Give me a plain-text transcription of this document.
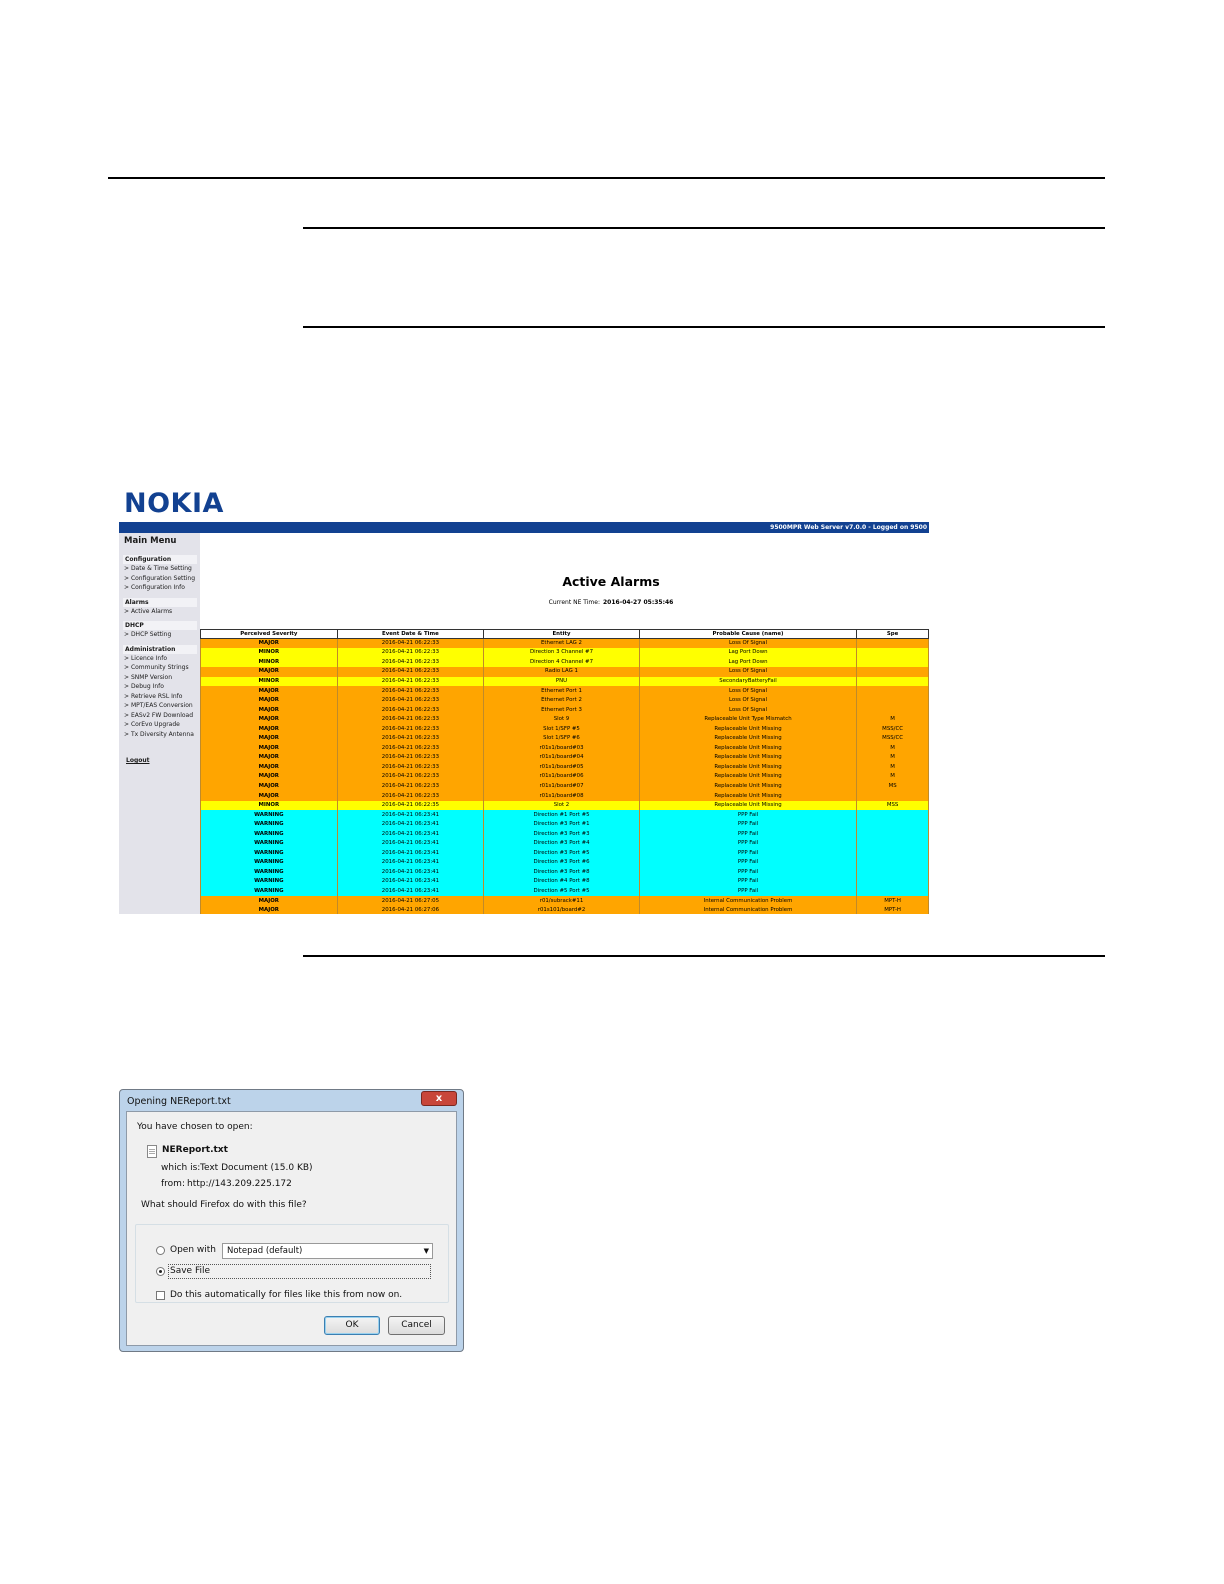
NOKIA
9500MPR Web Server v7.0.0 - Logged on 9500
Main Menu
Configuration
> Date & Time Setting
> Configuration Setting
> Configuration Info
Alarms
> Active Alarms
DHCP
> DHCP Setting
Administration
> Licence Info
> Community Strings
> SNMP Version
> Debug Info
> Retrieve RSL Info
> MPT/EAS Conversion
> EASv2 FW Download
> CorEvo Upgrade
> Tx Diversity Antenna
Logout
Active Alarms
Current NE Time: 2016-04-27 05:35:46
Perceived Severity	Event Date & Time	Entity	Probable Cause (name)	Spe
MAJOR	2016-04-21 06:22:33	Ethernet LAG 2	Loss Of Signal	
MINOR	2016-04-21 06:22:33	Direction 3 Channel #7	Lag Port Down	
MINOR	2016-04-21 06:22:33	Direction 4 Channel #7	Lag Port Down	
MAJOR	2016-04-21 06:22:33	Radio LAG 1	Loss Of Signal	
MINOR	2016-04-21 06:22:33	PNU	SecondaryBatteryFail	
MAJOR	2016-04-21 06:22:33	Ethernet Port 1	Loss Of Signal	
MAJOR	2016-04-21 06:22:33	Ethernet Port 2	Loss Of Signal	
MAJOR	2016-04-21 06:22:33	Ethernet Port 3	Loss Of Signal	
MAJOR	2016-04-21 06:22:33	Slot 9	Replaceable Unit Type Mismatch	M
MAJOR	2016-04-21 06:22:33	Slot 1/SFP #5	Replaceable Unit Missing	MSS/CC
MAJOR	2016-04-21 06:22:33	Slot 1/SFP #6	Replaceable Unit Missing	MSS/CC
MAJOR	2016-04-21 06:22:33	r01s1/board#03	Replaceable Unit Missing	M
MAJOR	2016-04-21 06:22:33	r01s1/board#04	Replaceable Unit Missing	M
MAJOR	2016-04-21 06:22:33	r01s1/board#05	Replaceable Unit Missing	M
MAJOR	2016-04-21 06:22:33	r01s1/board#06	Replaceable Unit Missing	M
MAJOR	2016-04-21 06:22:33	r01s1/board#07	Replaceable Unit Missing	MS
MAJOR	2016-04-21 06:22:33	r01s1/board#08	Replaceable Unit Missing	
MINOR	2016-04-21 06:22:35	Slot 2	Replaceable Unit Missing	MSS
WARNING	2016-04-21 06:23:41	Direction #1 Port #5	PPP Fail	
WARNING	2016-04-21 06:23:41	Direction #3 Port #1	PPP Fail	
WARNING	2016-04-21 06:23:41	Direction #3 Port #3	PPP Fail	
WARNING	2016-04-21 06:23:41	Direction #3 Port #4	PPP Fail	
WARNING	2016-04-21 06:23:41	Direction #3 Port #5	PPP Fail	
WARNING	2016-04-21 06:23:41	Direction #3 Port #6	PPP Fail	
WARNING	2016-04-21 06:23:41	Direction #3 Port #8	PPP Fail	
WARNING	2016-04-21 06:23:41	Direction #4 Port #8	PPP Fail	
WARNING	2016-04-21 06:23:41	Direction #5 Port #5	PPP Fail	
MAJOR	2016-04-21 06:27:05	r01/subrack#11	Internal Communication Problem	MPT-H
MAJOR	2016-04-21 06:27:06	r01s101/board#2	Internal Communication Problem	MPT-H
Opening NEReport.txt	x
You have chosen to open:
NEReport.txt
which is: Text Document (15.0 KB)
from: http://143.209.225.172
What should Firefox do with this file?
Open with	Notepad (default)	▼
Save File
Do this automatically for files like this from now on.
OK	Cancel
